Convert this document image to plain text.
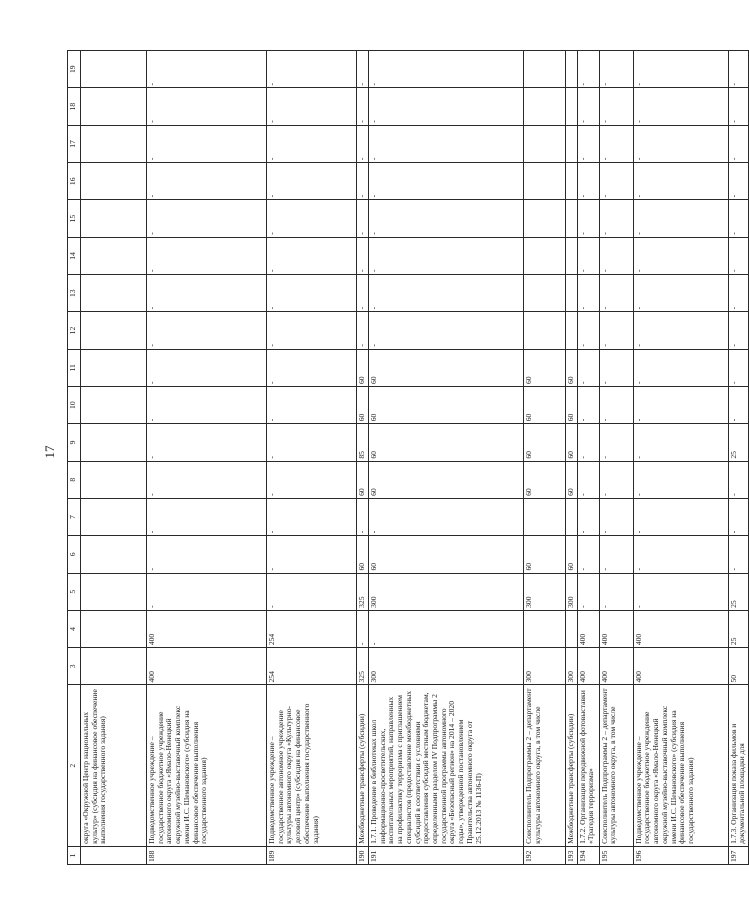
17
1	2	3	4	5	6	7	8	9	10	11	12	13	14	15	16	17	18	19
	округа «Окружной Центр национальных культур» (субсидия на финансовое обеспечение выполнения государственного задания)																	
188	Подведомственное учреждение – государственное бюджетное учреждение автономного округа «Ямало-Ненецкий окружной музейно-выставочный комплекс имени И.С. Шемановского» (субсидия на финансовое обеспечение выполнения государственного задания)	400	400	-	-	-	-	-	-	-	-	-	-	-	-	-	-	-
189	Подведомственное учреждение – государственное автономное учреждение культуры автономного округа «Культурно-деловой центр» (субсидия на финансовое обеспечение выполнения государственного задания)	254	254	-	-	-	-	-	-	-	-	-	-	-	-	-	-	-
190	Межбюджетные трансферты (субсидии)	325	-	325	60	-	60	85	60	60	-	-	-	-	-	-	-	-
191	1.7.1. Проведение в библиотеках школ информационно-просветительских, воспитательных мероприятий, направленных на профилактику терроризма с приглашением специалистов (предоставление межбюджетных субсидий в соответствии с условиями предоставления субсидий местным бюджетам, определенными разделом IV Подпрограммы 2 государственной программы автономного округа «Безопасный регион» на 2014 – 2020 годы», утвержденной постановлением Правительства автономного округа от 25.12.2013 № 1136-П)	300	-	300	60	-	60	60	60	60	-	-	-	-	-	-	-	-
192	Соисполнитель Подпрограммы 2 – департамент культуры автономного округа, в том числе	300		300	60		60	60	60	60								
193	Межбюджетные трансферты (субсидии)	300		300	60		60	60	60	60								
194	1.7.2. Организация передвижной фотовыставки «Трагедия терроризма»	400	400	-	-	-	-	-	-	-	-	-	-	-	-	-	-	-
195	Соисполнитель Подпрограммы 2 – департамент культуры автономного округа, в том числе	400	400	-	-	-	-	-	-	-	-	-	-	-	-	-	-	-
196	Подведомственное учреждение – государственное бюджетное учреждение автономного округа «Ямало-Ненецкий окружной музейно-выставочный комплекс имени И.С. Шемановского» (субсидия на финансовое обеспечение выполнения государственного задания)	400	400	-	-	-	-	-	-	-	-	-	-	-	-	-	-	-
197	1.7.3. Организация показа фильмов и документальной площадки для	50	25	25	-	-	-	25	-	-	-	-	-	-	-	-	-	-
